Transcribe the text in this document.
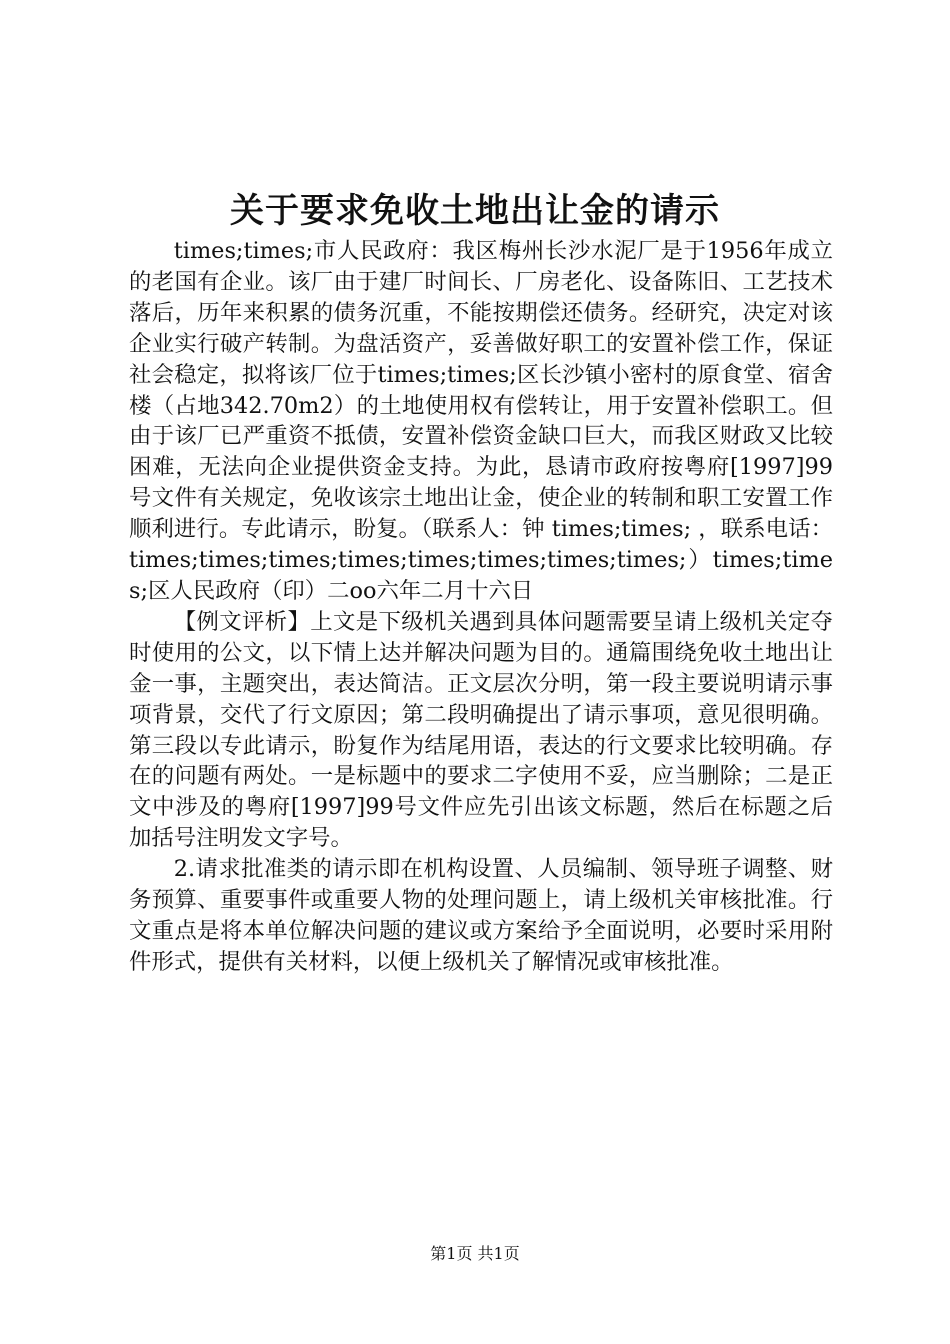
关于要求免收土地出让金的请示

times;times;市人民政府：我区梅州长沙水泥厂是于1956年成立的老国有企业。该厂由于建厂时间长、厂房老化、设备陈旧、工艺技术落后，历年来积累的债务沉重，不能按期偿还债务。经研究，决定对该企业实行破产转制。为盘活资产，妥善做好职工的安置补偿工作，保证社会稳定，拟将该厂位于times;times;区长沙镇小密村的原食堂、宿舍楼（占地342.70m2）的土地使用权有偿转让，用于安置补偿职工。但由于该厂已严重资不抵债，安置补偿资金缺口巨大，而我区财政又比较困难，无法向企业提供资金支持。为此，恳请市政府按粤府[1997]99号文件有关规定，免收该宗土地出让金，使企业的转制和职工安置工作顺利进行。专此请示，盼复。（联系人：钟 times;times; ，联系电话：times;times;times;times;times;times;times;times;）times;times;区人民政府（印）二oo六年二月十六日

【例文评析】上文是下级机关遇到具体问题需要呈请上级机关定夺时使用的公文，以下情上达并解决问题为目的。通篇围绕免收土地出让金一事，主题突出，表达简洁。正文层次分明，第一段主要说明请示事项背景，交代了行文原因；第二段明确提出了请示事项，意见很明确。第三段以专此请示，盼复作为结尾用语，表达的行文要求比较明确。存在的问题有两处。一是标题中的要求二字使用不妥，应当删除；二是正文中涉及的粤府[1997]99号文件应先引出该文标题，然后在标题之后加括号注明发文字号。

2.请求批准类的请示即在机构设置、人员编制、领导班子调整、财务预算、重要事件或重要人物的处理问题上，请上级机关审核批准。行文重点是将本单位解决问题的建议或方案给予全面说明，必要时采用附件形式，提供有关材料，以便上级机关了解情况或审核批准。

第1页 共1页
